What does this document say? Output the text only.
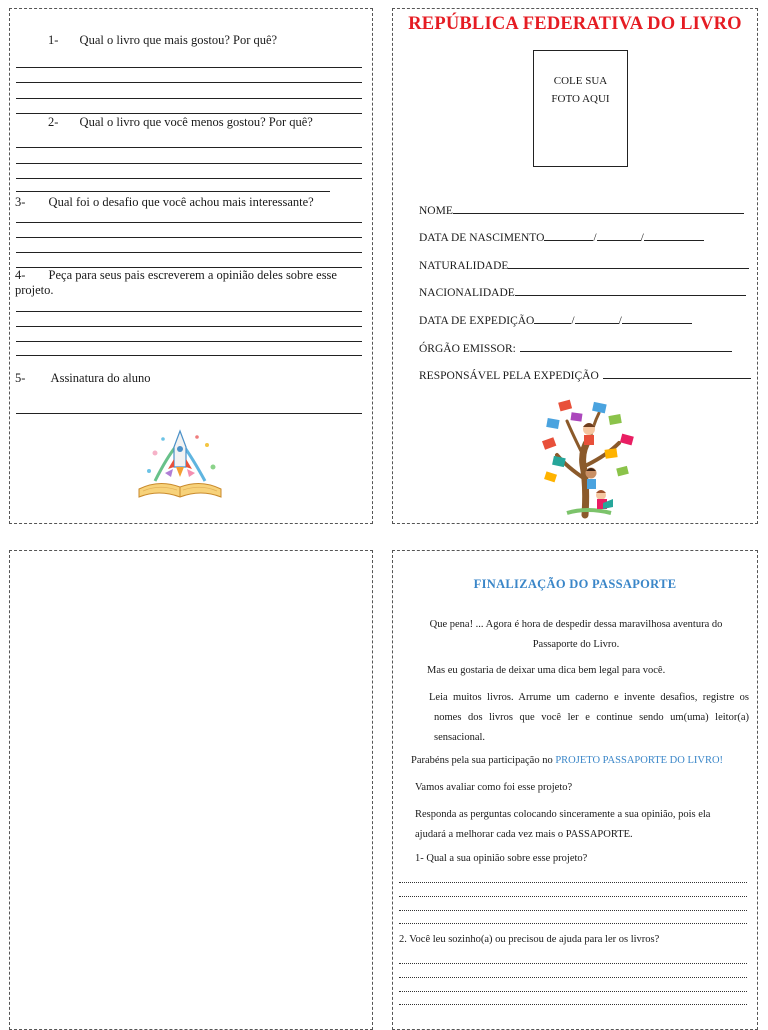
1- Qual o livro que mais gostou? Por quê?
2- Qual o livro que você menos gostou? Por quê?
3- Qual foi o desafio que você achou mais interessante?
4- Peça para seus pais escreverem a opinião deles sobre esse
projeto.
5- Assinatura do aluno
REPÚBLICA FEDERATIVA DO LIVRO
COLE SUA
FOTO AQUI
NOME
DATA DE NASCIMENTO	/	/
NATURALIDADE
NACIONALIDADE
DATA DE EXPEDIÇÃO	/	/
ÓRGÃO EMISSOR:
RESPONSÁVEL PELA EXPEDIÇÃO
FINALIZAÇÃO DO PASSAPORTE
Que pena! ... Agora é hora de despedir dessa maravilhosa aventura do
Passaporte do Livro.
Mas eu gostaria de deixar uma dica bem legal para você.
Leia muitos livros. Arrume um caderno e invente desafios, registre os
nomes dos livros que você ler e continue sendo um(uma) leitor(a)
sensacional.
Parabéns pela sua participação no PROJETO PASSAPORTE DO LIVRO!
Vamos avaliar como foi esse projeto?
Responda as perguntas colocando sinceramente a sua opinião, pois ela
ajudará a melhorar cada vez mais o PASSAPORTE.
1- Qual a sua opinião sobre esse projeto?
2. Você leu sozinho(a) ou precisou de ajuda para ler os livros?
